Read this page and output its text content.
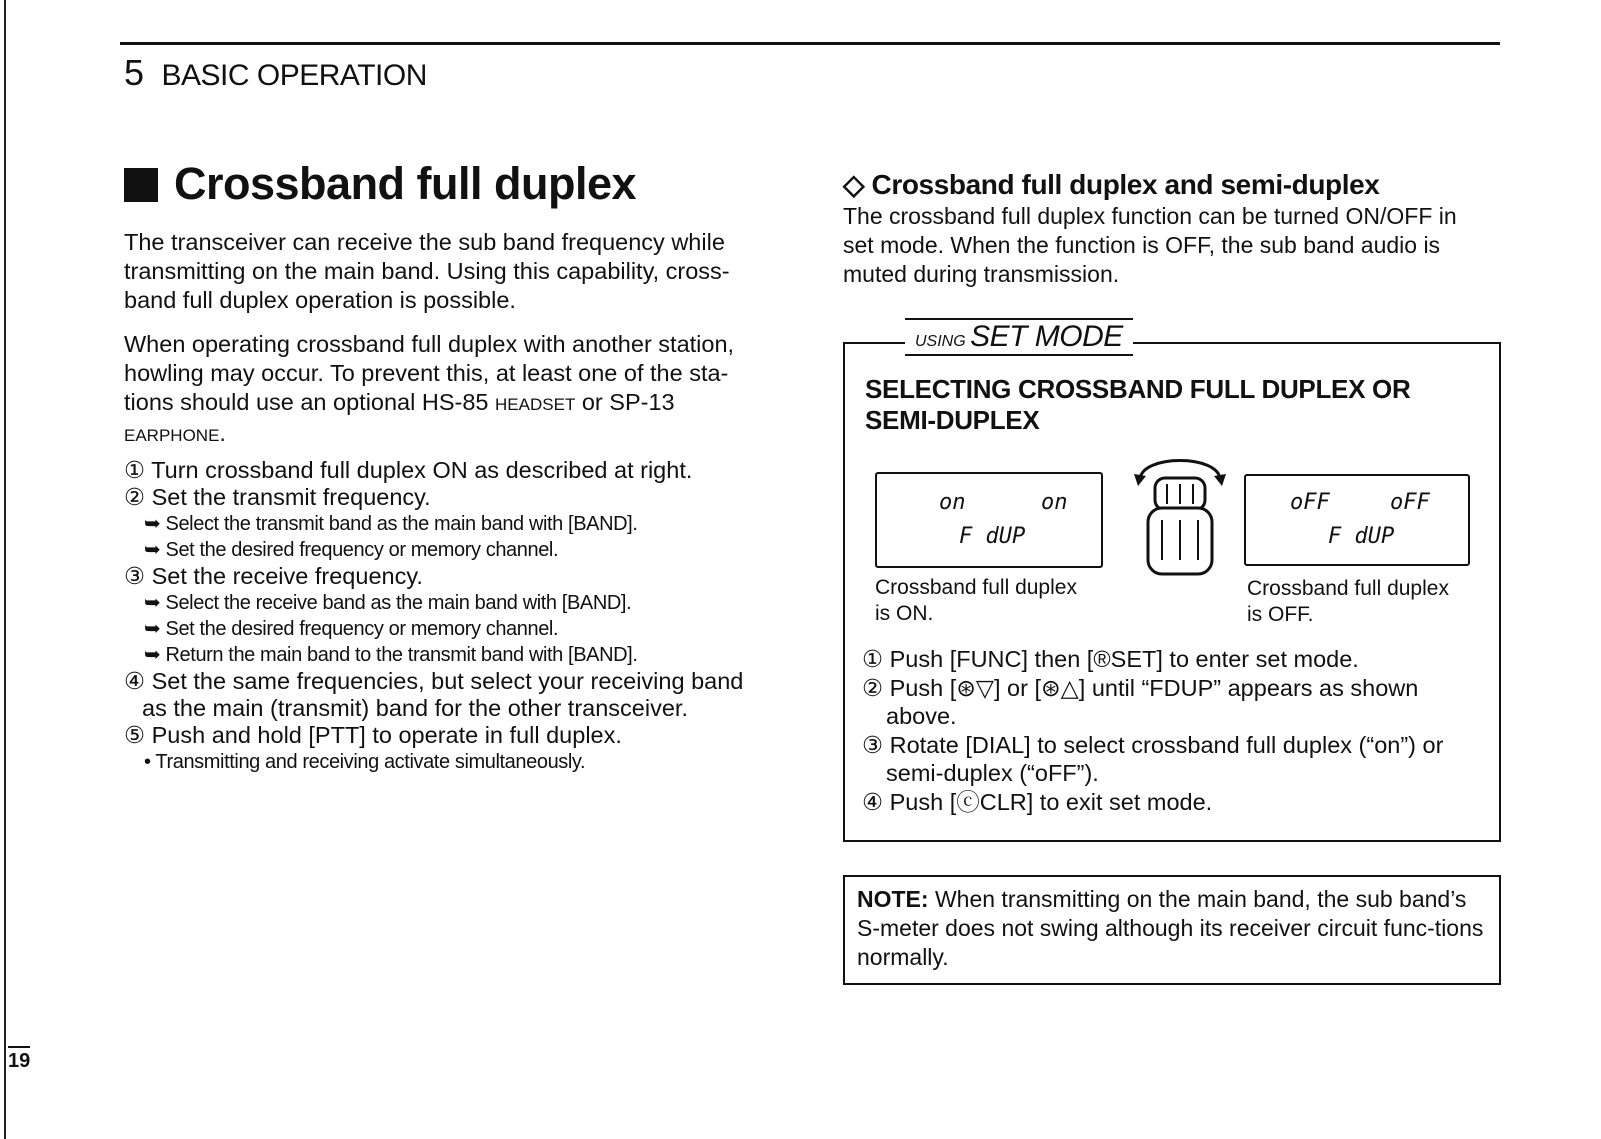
5 BASIC OPERATION
Crossband full duplex
The transceiver can receive the sub band frequency while transmitting on the main band. Using this capability, cross-band full duplex operation is possible.
When operating crossband full duplex with another station, howling may occur. To prevent this, at least one of the sta-tions should use an optional HS-85 HEADSET or SP-13 EARPHONE.
① Turn crossband full duplex ON as described at right.
② Set the transmit frequency.
➥ Select the transmit band as the main band with [BAND].
➥ Set the desired frequency or memory channel.
③ Set the receive frequency.
➥ Select the receive band as the main band with [BAND].
➥ Set the desired frequency or memory channel.
➥ Return the main band to the transmit band with [BAND].
④ Set the same frequencies, but select your receiving band
as the main (transmit) band for the other transceiver.
⑤ Push and hold [PTT] to operate in full duplex.
• Transmitting and receiving activate simultaneously.
◇ Crossband full duplex and semi-duplex
The crossband full duplex function can be turned ON/OFF in set mode. When the function is OFF, the sub band audio is muted during transmission.
USING SET MODE
SELECTING CROSSBAND FULL DUPLEX OR SEMI-DUPLEX
on	on
F dUP
oFF	oFF
F dUP
Crossband full duplex
is ON.
Crossband full duplex
is OFF.
① Push [FUNC] then [®SET] to enter set mode.
② Push [⊛▽] or [⊛△] until “FDUP” appears as shown
above.
③ Rotate [DIAL] to select crossband full duplex (“on”) or
semi-duplex (“oFF”).
④ Push [ⓒCLR] to exit set mode.
NOTE: When transmitting on the main band, the sub band’s S-meter does not swing although its receiver circuit func-tions normally.
19
